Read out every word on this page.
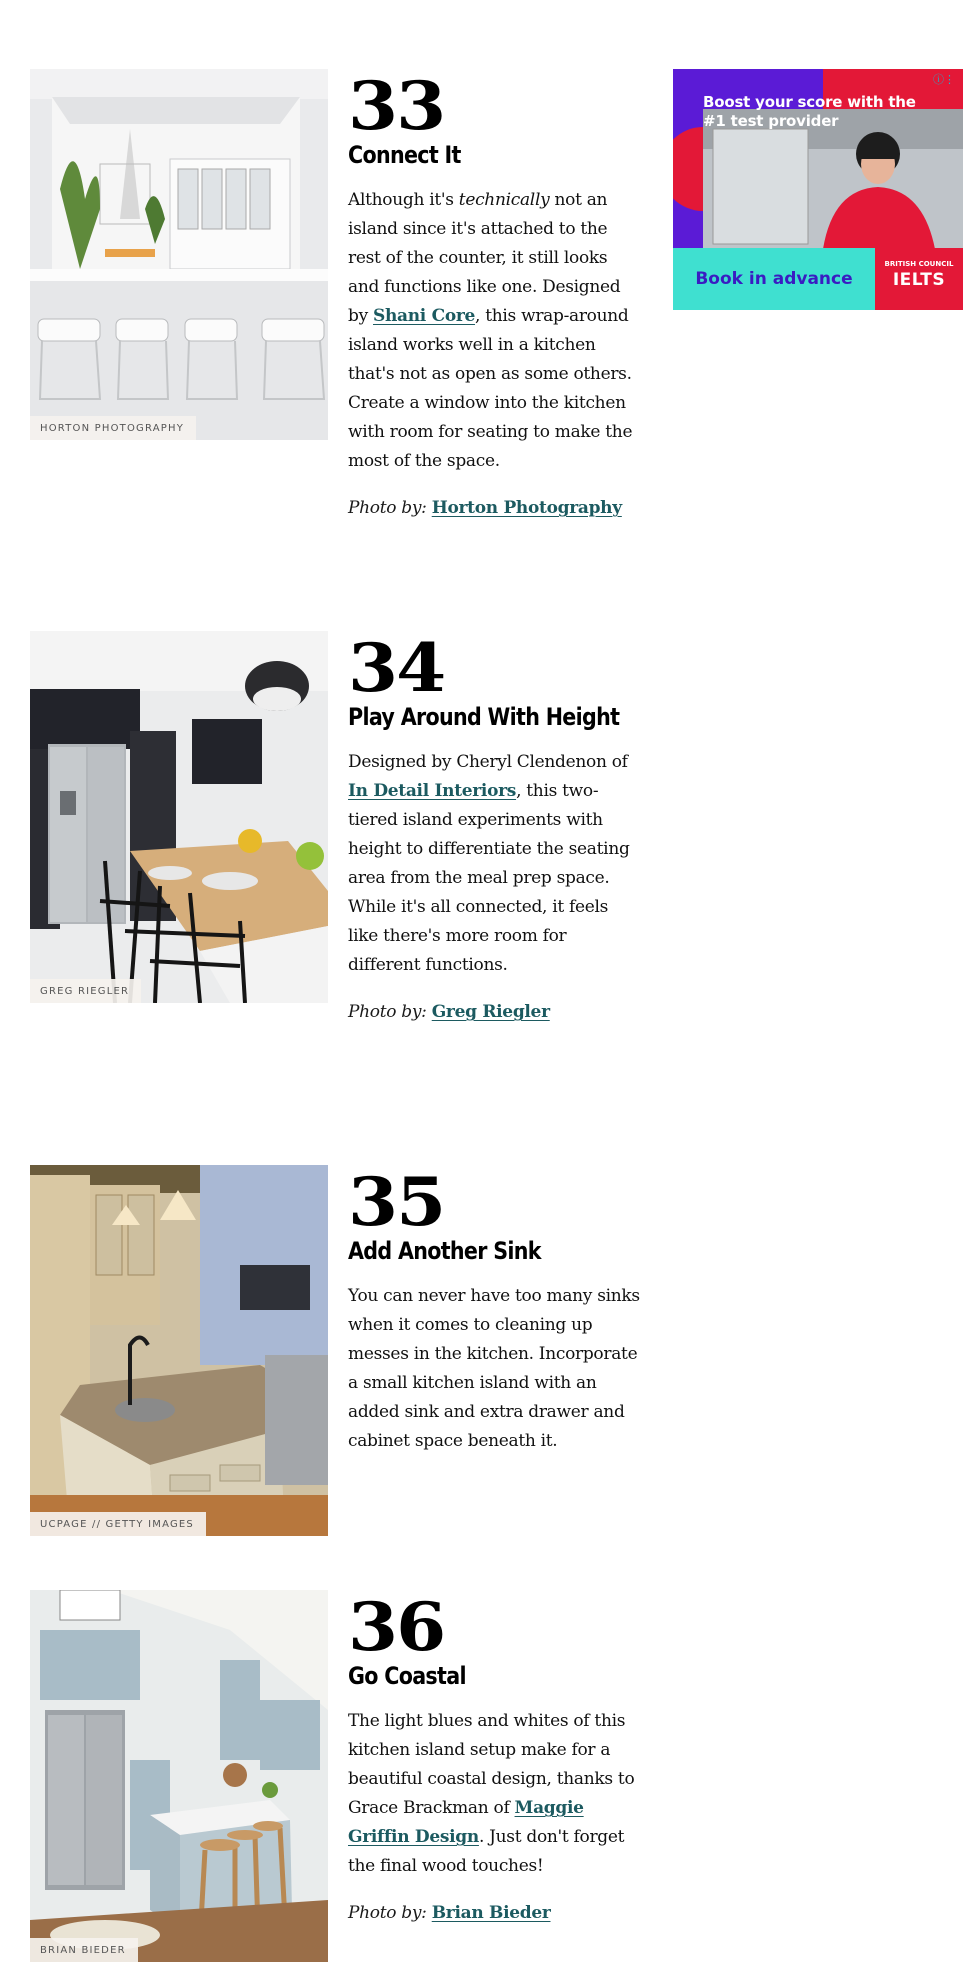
HORTON PHOTOGRAPHY
33
Connect It

Although it's technically not an island since it's attached to the rest of the counter, it still looks and functions like one. Designed by Shani Core, this wrap-around island works well in a kitchen that's not as open as some others. Create a window into the kitchen with room for seating to make the most of the space.

Photo by: Horton Photography

Boost your score with the #1 test provider
ⓘ⋮
Book in advance
BRITISH COUNCIL
IELTS
GREG RIEGLER
34
Play Around With Height

Designed by Cheryl Clendenon of In Detail Interiors, this two-tiered island experiments with height to differentiate the seating area from the meal prep space. While it's all connected, it feels like there's more room for different functions.

Photo by: Greg Riegler

UCPAGE // GETTY IMAGES
35
Add Another Sink

You can never have too many sinks when it comes to cleaning up messes in the kitchen. Incorporate a small kitchen island with an added sink and extra drawer and cabinet space beneath it.

BRIAN BIEDER
36
Go Coastal

The light blues and whites of this kitchen island setup make for a beautiful coastal design, thanks to Grace Brackman of Maggie Griffin Design. Just don't forget the final wood touches!

Photo by: Brian Bieder
